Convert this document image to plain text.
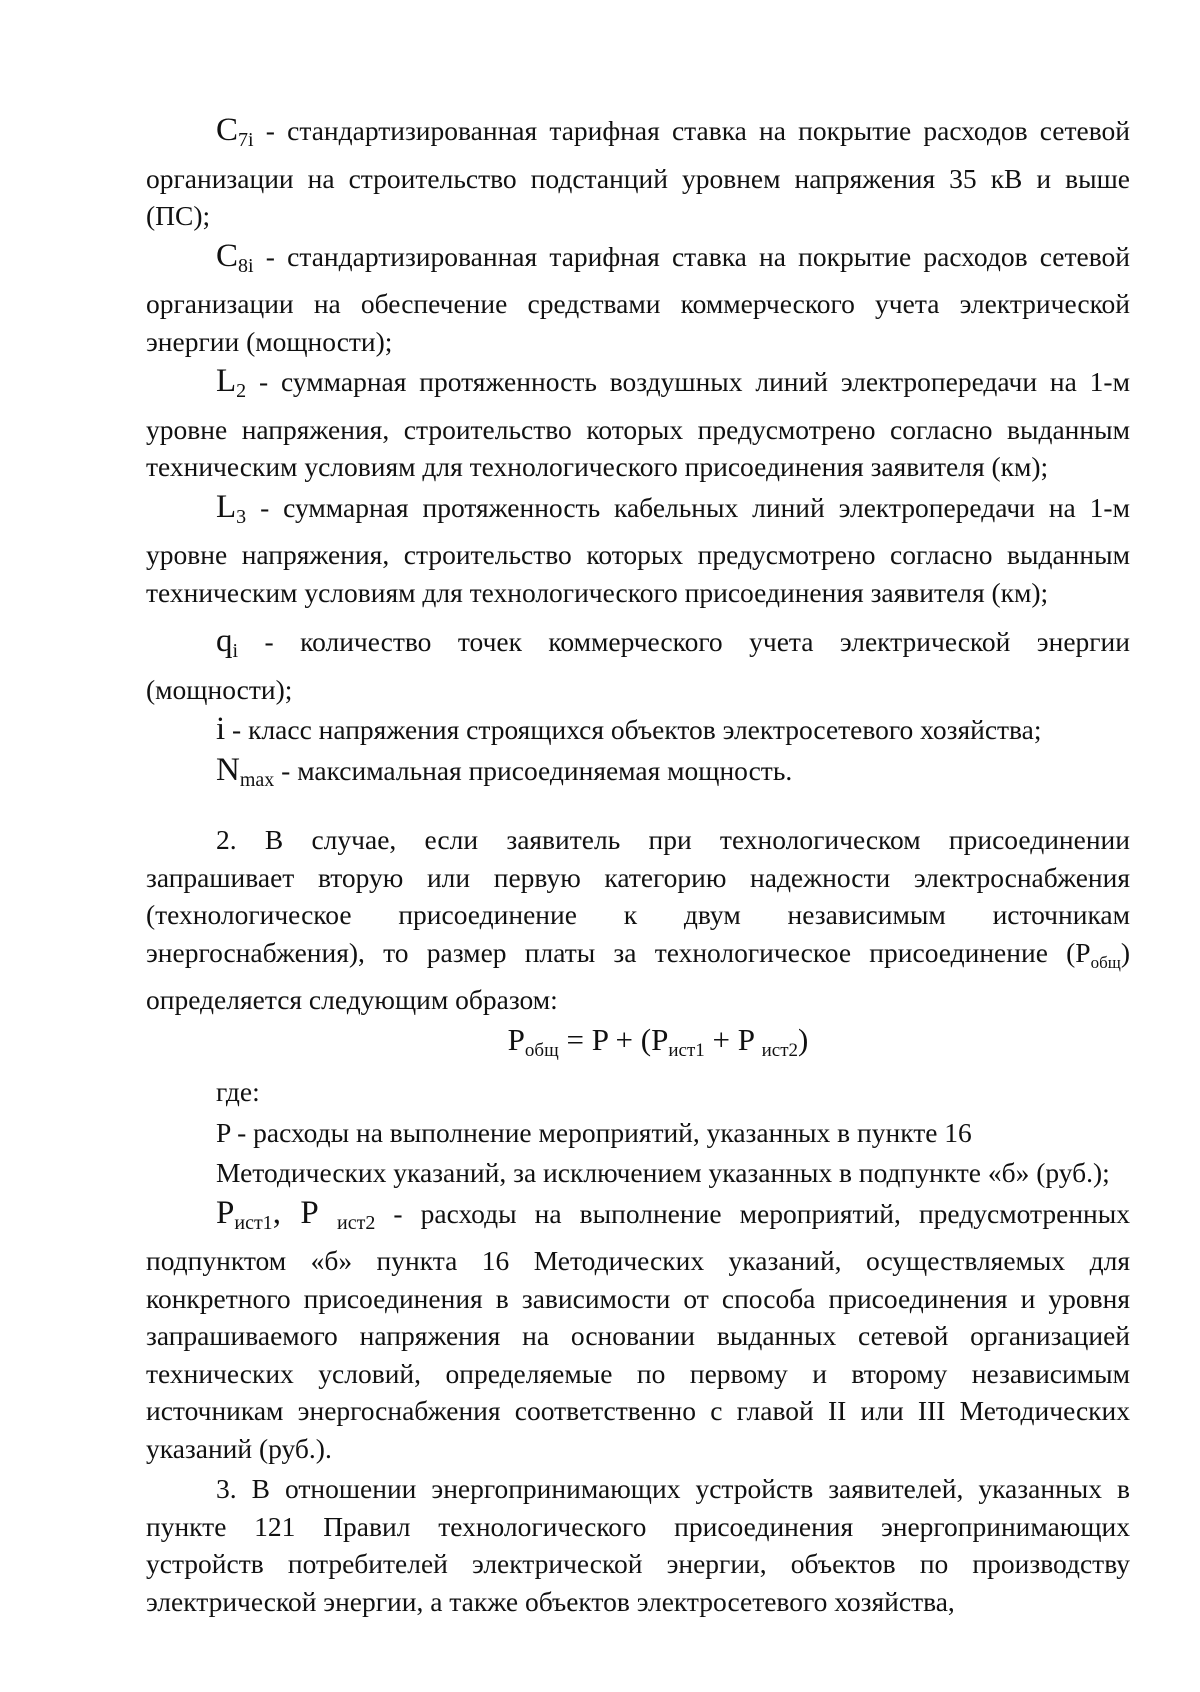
$C_{7i}$ - стандартизированная тарифная ставка на покрытие расходов сетевой организации на строительство подстанций уровнем напряжения 35 кВ и выше (ПС);

$C_{8i}$ - стандартизированная тарифная ставка на покрытие расходов сетевой организации на обеспечение средствами коммерческого учета электрической энергии (мощности);

$L_2$ - суммарная протяженность воздушных линий электропередачи на 1-м уровне напряжения, строительство которых предусмотрено согласно выданным техническим условиям для технологического присоединения заявителя (км);

$L_3$ - суммарная протяженность кабельных линий электропередачи на 1-м уровне напряжения, строительство которых предусмотрено согласно выданным техническим условиям для технологического присоединения заявителя (км);

$q_i$ - количество точек коммерческого учета электрической энергии (мощности);

i - класс напряжения строящихся объектов электросетевого хозяйства;

$N_{max}$ - максимальная присоединяемая мощность.

2. В случае, если заявитель при технологическом присоединении запрашивает вторую или первую категорию надежности электроснабжения (технологическое присоединение к двум независимым источникам энергоснабжения), то размер платы за технологическое присоединение $(P_{общ})$ определяется следующим образом:

$P_{общ} = P + (P_{ист1} + P$ $_{ист2}$)

где:

P - расходы на выполнение мероприятий, указанных в пункте 16

Методических указаний, за исключением указанных в подпункте «б» (руб.);

$P_{ист1}$, P $_{ист2}$ - расходы на выполнение мероприятий, предусмотренных подпунктом «б» пункта 16 Методических указаний, осуществляемых для конкретного присоединения в зависимости от способа присоединения и уровня запрашиваемого напряжения на основании выданных сетевой организацией технических условий, определяемые по первому и второму независимым источникам энергоснабжения соответственно с главой II или III Методических указаний (руб.).

3. В отношении энергопринимающих устройств заявителей, указанных в пункте 121 Правил технологического присоединения энергопринимающих устройств потребителей электрической энергии, объектов по производству электрической энергии, а также объектов электросетевого хозяйства,
